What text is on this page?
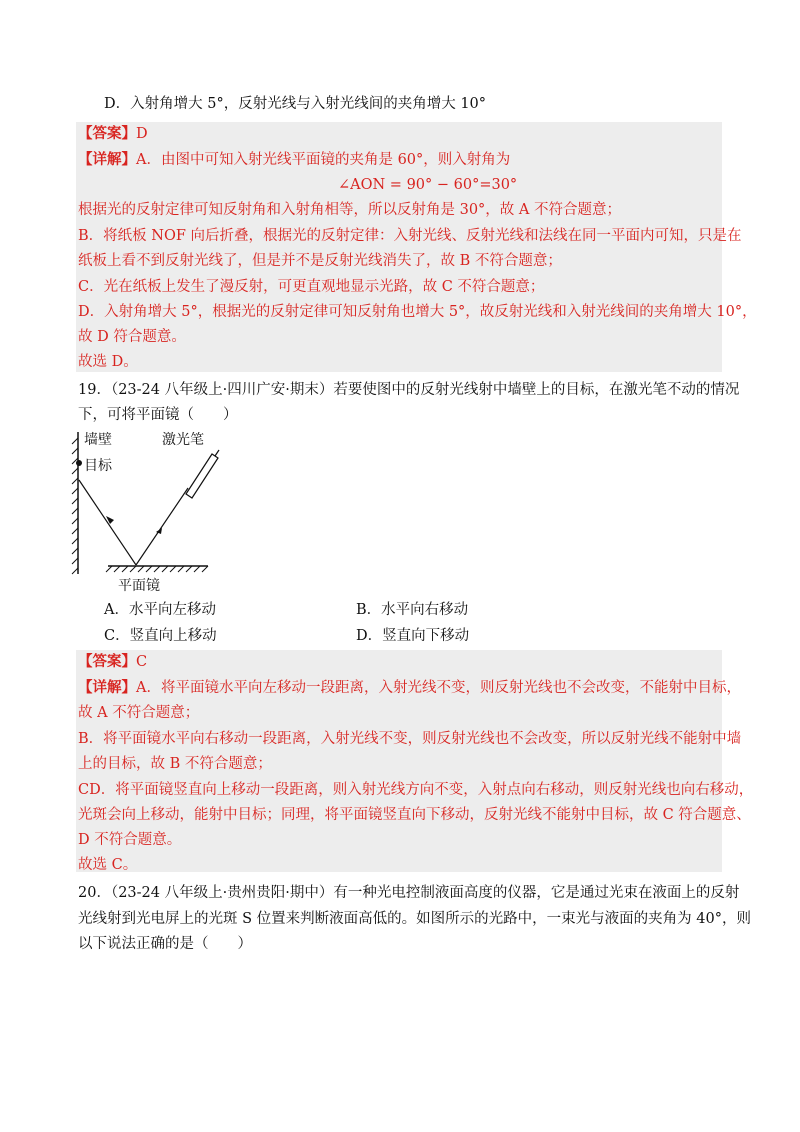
D．入射角增大 5°，反射光线与入射光线间的夹角增大 10°
【答案】D
【详解】A．由图中可知入射光线平面镜的夹角是 60°，则入射角为
∠AON = 90° − 60°=30°
根据光的反射定律可知反射角和入射角相等，所以反射角是 30°，故 A 不符合题意；
B．将纸板 NOF 向后折叠，根据光的反射定律：入射光线、反射光线和法线在同一平面内可知，只是在
纸板上看不到反射光线了，但是并不是反射光线消失了，故 B 不符合题意；
C．光在纸板上发生了漫反射，可更直观地显示光路，故 C 不符合题意；
D．入射角增大 5°，根据光的反射定律可知反射角也增大 5°，故反射光线和入射光线间的夹角增大 10°，
故 D 符合题意。
故选 D。
19．（23-24 八年级上·四川广安·期末）若要使图中的反射光线射中墙壁上的目标，在激光笔不动的情况
下，可将平面镜（　　）
墙壁	激光笔
目标
平面镜
A．水平向左移动	B．水平向右移动
C．竖直向上移动	D．竖直向下移动
【答案】C
【详解】A．将平面镜水平向左移动一段距离，入射光线不变，则反射光线也不会改变，不能射中目标，
故 A 不符合题意；
B．将平面镜水平向右移动一段距离，入射光线不变，则反射光线也不会改变，所以反射光线不能射中墙
上的目标，故 B 不符合题意；
CD．将平面镜竖直向上移动一段距离，则入射光线方向不变，入射点向右移动，则反射光线也向右移动，
光斑会向上移动，能射中目标；同理，将平面镜竖直向下移动，反射光线不能射中目标，故 C 符合题意、
D 不符合题意。
故选 C。
20．（23-24 八年级上·贵州贵阳·期中）有一种光电控制液面高度的仪器，它是通过光束在液面上的反射
光线射到光电屏上的光斑 S 位置来判断液面高低的。如图所示的光路中，一束光与液面的夹角为 40°，则
以下说法正确的是（　　）
